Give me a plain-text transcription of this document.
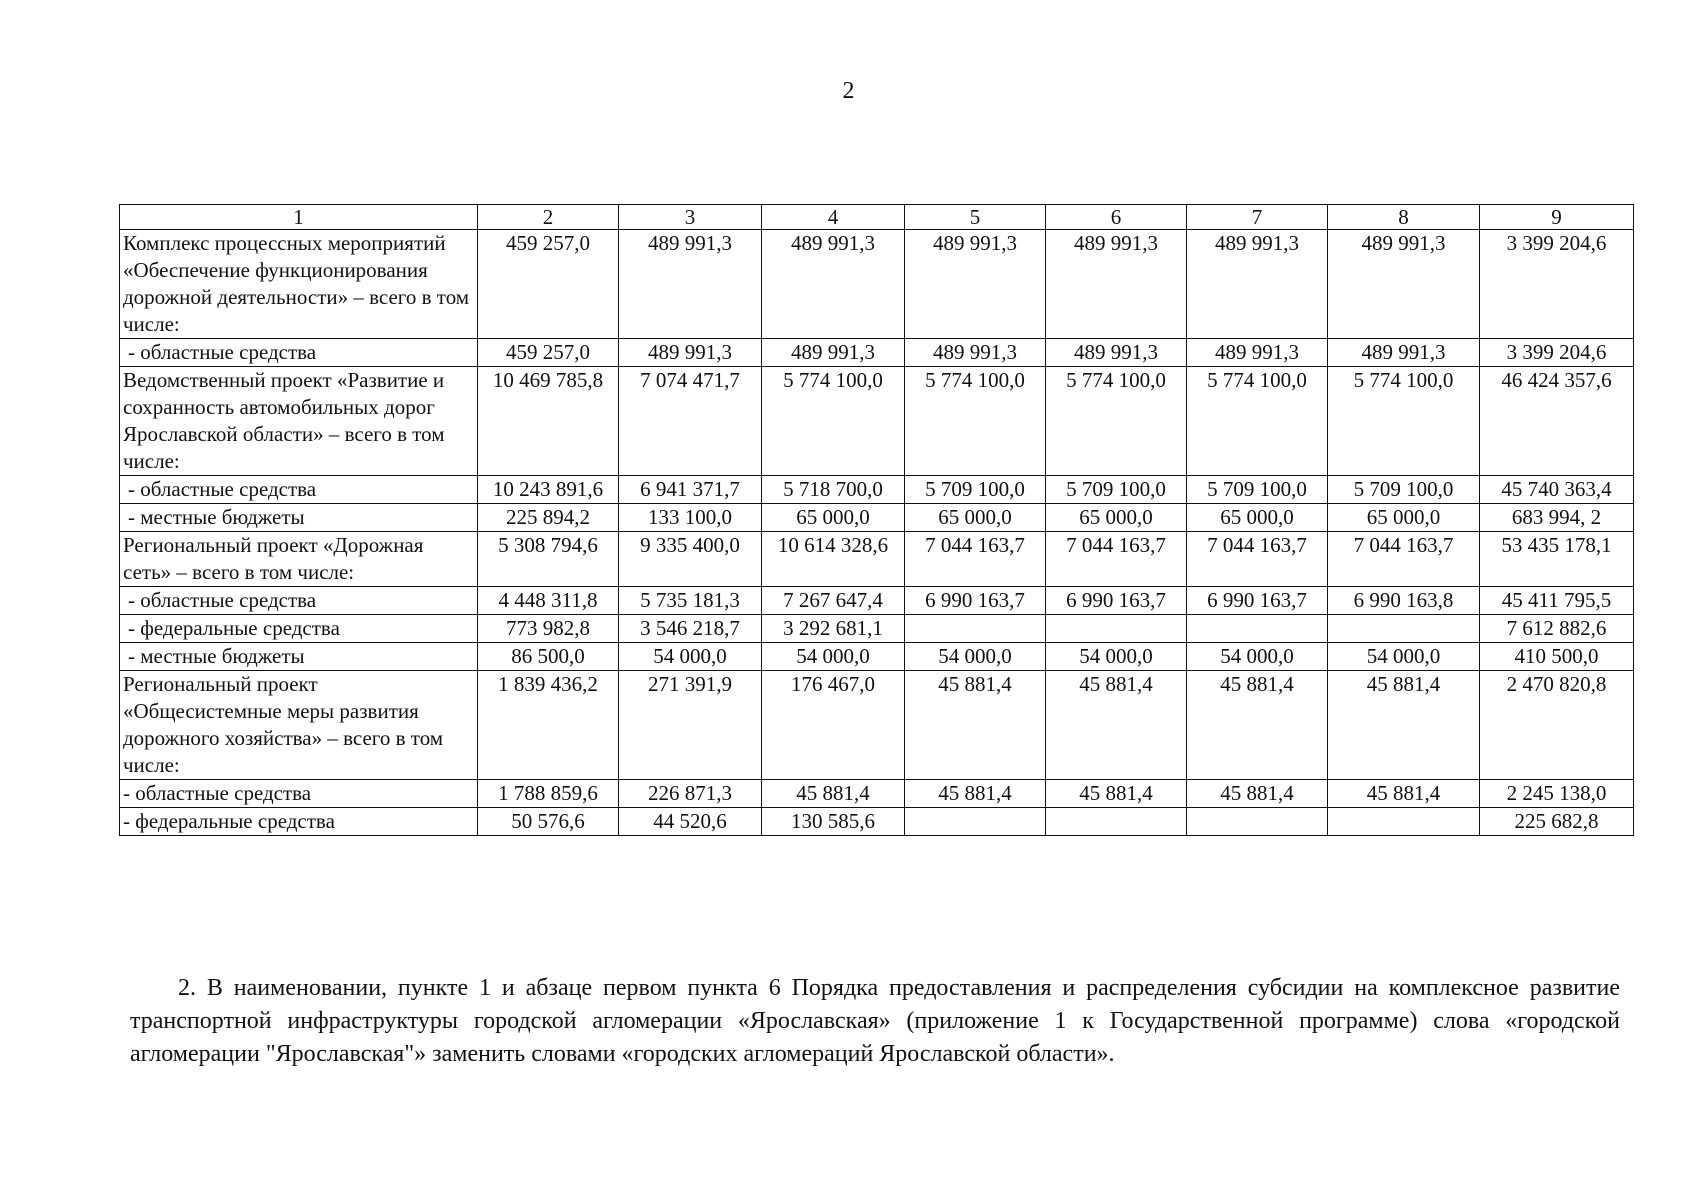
2
1	2	3	4	5	6	7	8	9
Комплекс процессных мероприятий «Обеспечение функционирования дорожной деятельности» – всего в том числе:	459 257,0	489 991,3	489 991,3	489 991,3	489 991,3	489 991,3	489 991,3	3 399 204,6
- областные средства	459 257,0	489 991,3	489 991,3	489 991,3	489 991,3	489 991,3	489 991,3	3 399 204,6
Ведомственный проект «Развитие и сохранность автомобильных дорог Ярославской области» – всего в том числе:	10 469 785,8	7 074 471,7	5 774 100,0	5 774 100,0	5 774 100,0	5 774 100,0	5 774 100,0	46 424 357,6
- областные средства	10 243 891,6	6 941 371,7	5 718 700,0	5 709 100,0	5 709 100,0	5 709 100,0	5 709 100,0	45 740 363,4
- местные бюджеты	225 894,2	133 100,0	65 000,0	65 000,0	65 000,0	65 000,0	65 000,0	683 994, 2
Региональный проект «Дорожная сеть» – всего в том числе:	5 308 794,6	9 335 400,0	10 614 328,6	7 044 163,7	7 044 163,7	7 044 163,7	7 044 163,7	53 435 178,1
- областные средства	4 448 311,8	5 735 181,3	7 267 647,4	6 990 163,7	6 990 163,7	6 990 163,7	6 990 163,8	45 411 795,5
- федеральные средства	773 982,8	3 546 218,7	3 292 681,1					7 612 882,6
- местные бюджеты	86 500,0	54 000,0	54 000,0	54 000,0	54 000,0	54 000,0	54 000,0	410 500,0
Региональный проект «Общесистемные меры развития дорожного хозяйства» – всего в том числе:	1 839 436,2	271 391,9	176 467,0	45 881,4	45 881,4	45 881,4	45 881,4	2 470 820,8
- областные средства	1 788 859,6	226 871,3	45 881,4	45 881,4	45 881,4	45 881,4	45 881,4	2 245 138,0
- федеральные средства	50 576,6	44 520,6	130 585,6					225 682,8

2. В наименовании, пункте 1 и абзаце первом пункта 6 Порядка предоставления и распределения субсидии на комплексное развитие транспортной инфраструктуры городской агломерации «Ярославская» (приложение 1 к Государственной программе) слова «городской агломерации "Ярославская"» заменить словами «городских агломераций Ярославской области».
